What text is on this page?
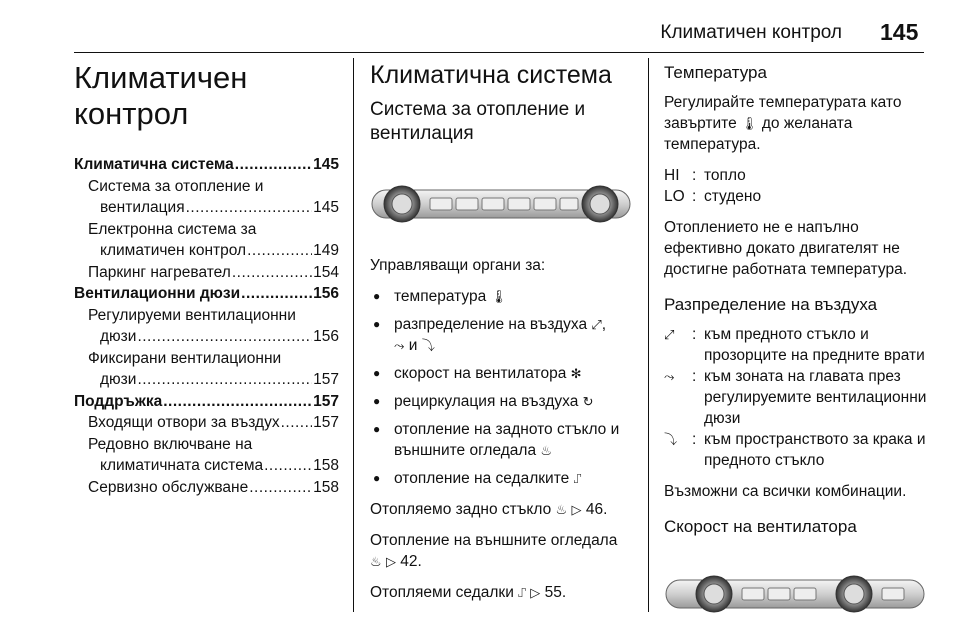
Климатичен контрол 145
Климатичен
контрол
Климатична система .....	145
Система за отопление и
вентилация .....	145
Електронна система за
климатичен контрол .....	149
Паркинг нагревател .....	154
Вентилационни дюзи .....	156
Регулируеми вентилационни
дюзи .....	156
Фиксирани вентилационни
дюзи .....	157
Поддръжка .....	157
Входящи отвори за въздух ..... 157
Редовно включване на
климатичната система .....	158
Сервизно обслужване .....	158
Климатична система
Система за отопление и
вентилация

Управляващи органи за:

● температура 🌡
● разпределение на въздуха ⤢,
⤳ и ⤵
● скорост на вентилатора ✻
● рециркулация на въздуха ↻
● отопление на задното стъкло и
външните огледала ♨
● отопление на седалките ⑀

Отопляемо задно стъкло ♨ ▷ 46.

Отопление на външните огледала
♨ ▷ 42.

Отопляеми седалки ⑀ ▷ 55.

Температура

Регулирайте температурата като
завъртите 🌡 до желаната
температура.

HI : топло
LO : студено

Отоплението не е напълно ефективно докато двигателят не достигне работната температура.

Разпределение на въздуха
⤢	: към предното стъкло и прозорците на предните врати
⤳	: към зоната на главата през регулируемите вентилационни дюзи
⤵ : към пространството за крака и предното стъкло

Възможни са всички комбинации.

Скорост на вентилатора
